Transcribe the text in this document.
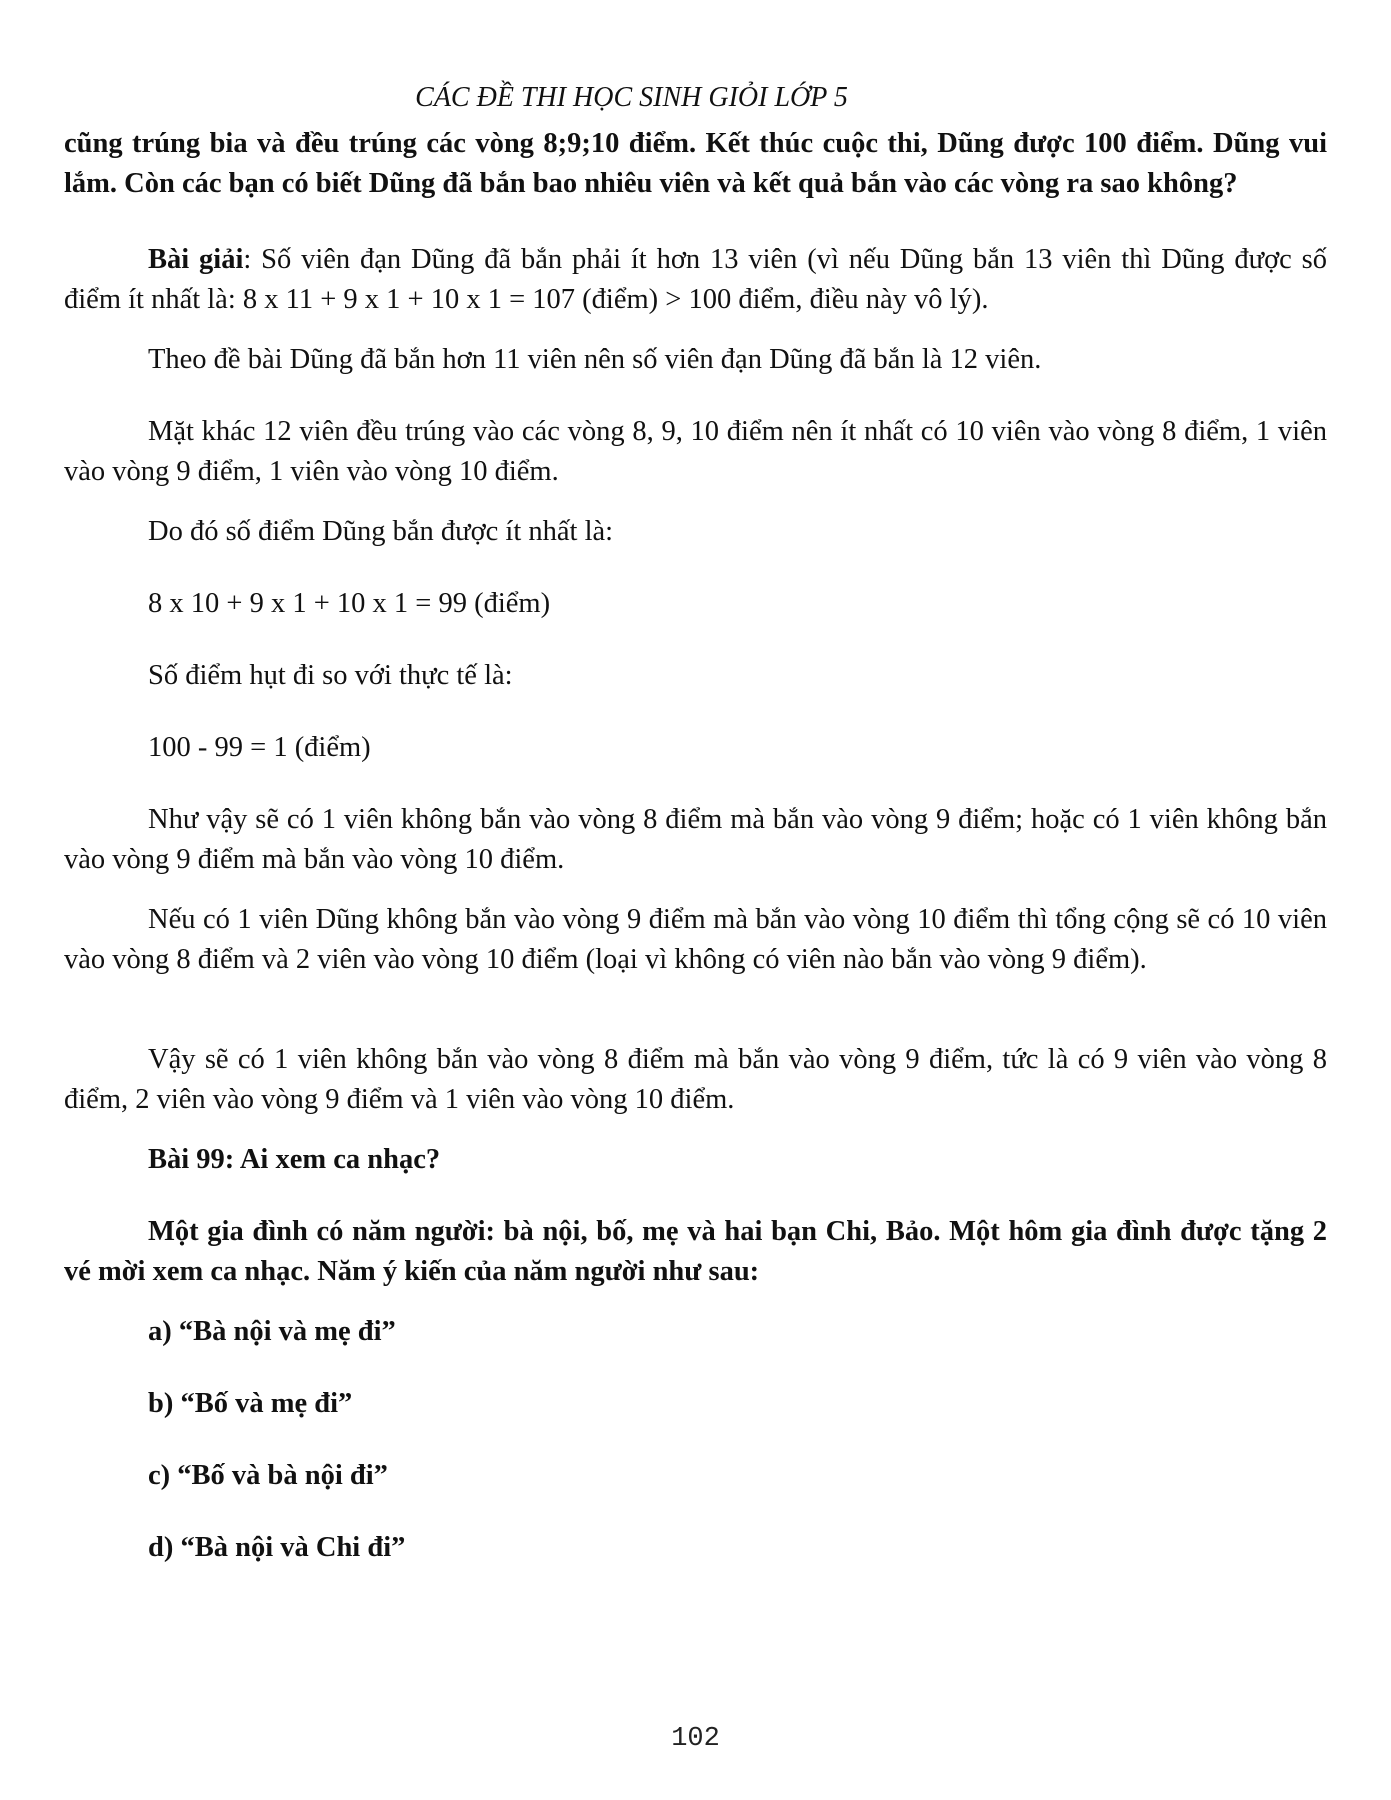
CÁC ĐỀ THI HỌC SINH GIỎI LỚP 5

cũng trúng bia và đều trúng các vòng 8;9;10 điểm. Kết thúc cuộc thi, Dũng được 100 điểm. Dũng vui lắm. Còn các bạn có biết Dũng đã bắn bao nhiêu viên và kết quả bắn vào các vòng ra sao không?

Bài giải: Số viên đạn Dũng đã bắn phải ít hơn 13 viên (vì nếu Dũng bắn 13 viên thì Dũng được số điểm ít nhất là: 8 x 11 + 9 x 1 + 10 x 1 = 107 (điểm) > 100 điểm, điều này vô lý).

Theo đề bài Dũng đã bắn hơn 11 viên nên số viên đạn Dũng đã bắn là 12 viên.

Mặt khác 12 viên đều trúng vào các vòng 8, 9, 10 điểm nên ít nhất có 10 viên vào vòng 8 điểm, 1 viên vào vòng 9 điểm, 1 viên vào vòng 10 điểm.

Do đó số điểm Dũng bắn được ít nhất là:

8 x 10 + 9 x 1 + 10 x 1 = 99 (điểm)

Số điểm hụt đi so với thực tế là:

100 - 99 = 1 (điểm)

Như vậy sẽ có 1 viên không bắn vào vòng 8 điểm mà bắn vào vòng 9 điểm; hoặc có 1 viên không bắn vào vòng 9 điểm mà bắn vào vòng 10 điểm.

Nếu có 1 viên Dũng không bắn vào vòng 9 điểm mà bắn vào vòng 10 điểm thì tổng cộng sẽ có 10 viên vào vòng 8 điểm và 2 viên vào vòng 10 điểm (loại vì không có viên nào bắn vào vòng 9 điểm).

Vậy sẽ có 1 viên không bắn vào vòng 8 điểm mà bắn vào vòng 9 điểm, tức là có 9 viên vào vòng 8 điểm, 2 viên vào vòng 9 điểm và 1 viên vào vòng 10 điểm.

Bài 99: Ai xem ca nhạc?

Một gia đình có năm người: bà nội, bố, mẹ và hai bạn Chi, Bảo. Một hôm gia đình được tặng 2 vé mời xem ca nhạc. Năm ý kiến của năm người như sau:

a) “Bà nội và mẹ đi”

b) “Bố và mẹ đi”

c) “Bố và bà nội đi”

d) “Bà nội và Chi đi”

102
